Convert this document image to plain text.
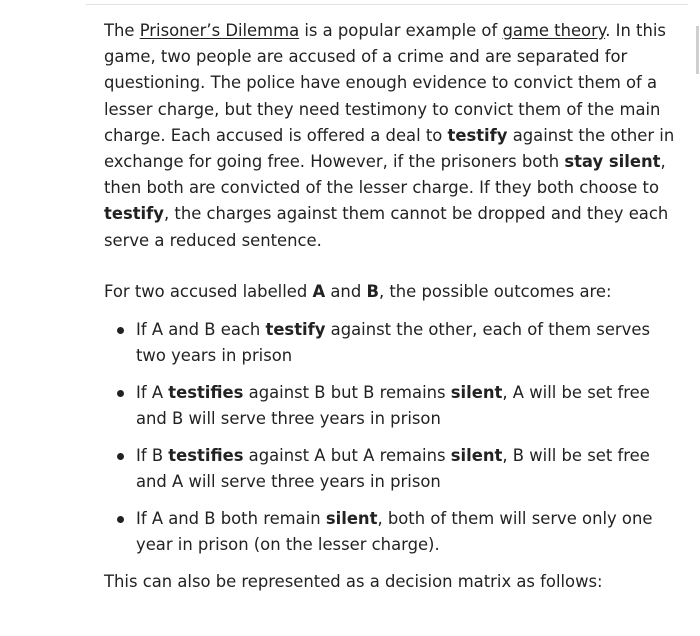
The Prisoner’s Dilemma is a popular example of game theory. In this game, two people are accused of a crime and are separated for questioning. The police have enough evidence to convict them of a lesser charge, but they need testimony to convict them of the main charge. Each accused is offered a deal to testify against the other in exchange for going free. However, if the prisoners both stay silent, then both are convicted of the lesser charge. If they both choose to testify, the charges against them cannot be dropped and they each serve a reduced sentence.

For two accused labelled A and B, the possible outcomes are:

If A and B each testify against the other, each of them serves two years in prison
If A testifies against B but B remains silent, A will be set free and B will serve three years in prison
If B testifies against A but A remains silent, B will be set free and A will serve three years in prison
If A and B both remain silent, both of them will serve only one year in prison (on the lesser charge).

This can also be represented as a decision matrix as follows:
